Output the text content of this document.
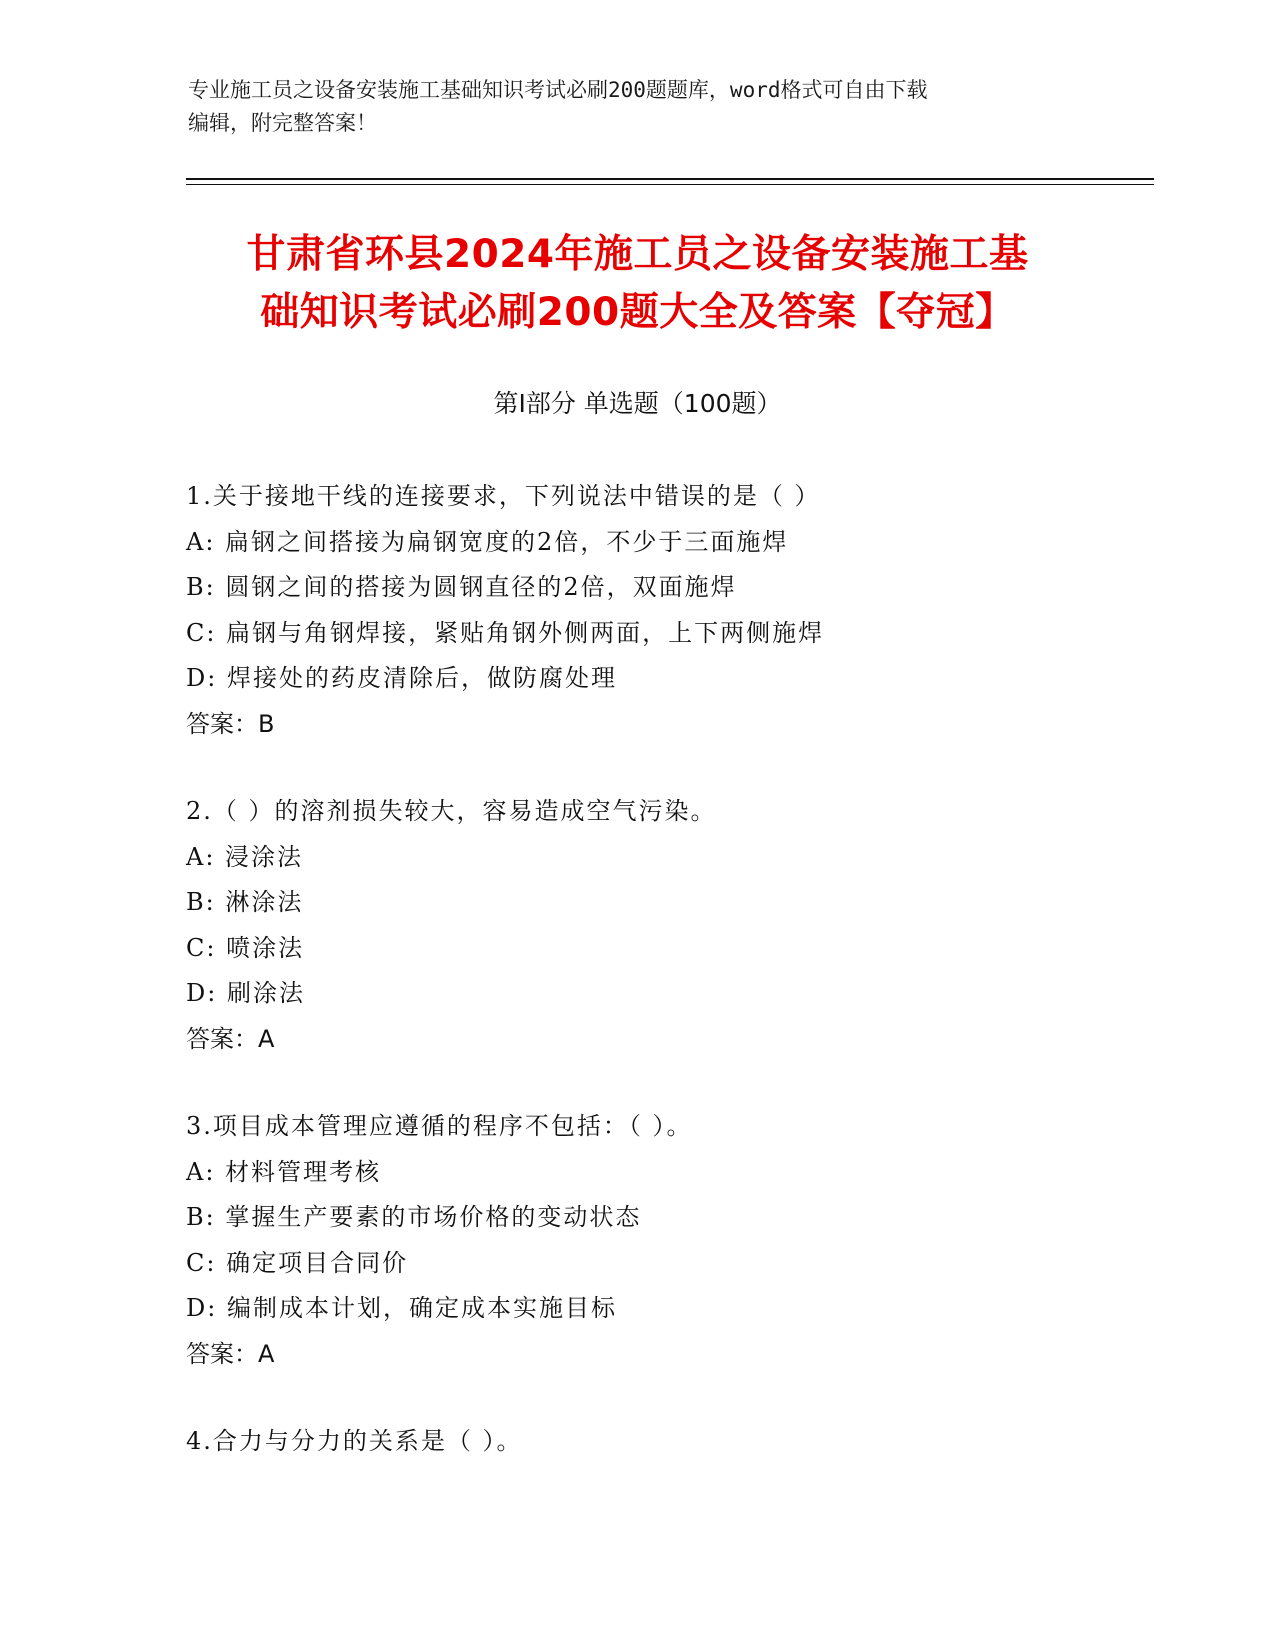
专业施工员之设备安装施工基础知识考试必刷200题题库，word格式可自由下载
编辑，附完整答案！
甘肃省环县2024年施工员之设备安装施工基
础知识考试必刷200题大全及答案【夺冠】
第Ⅰ部分 单选题（100题）
1.关于接地干线的连接要求，下列说法中错误的是（ ）
A: 扁钢之间搭接为扁钢宽度的2倍，不少于三面施焊
B: 圆钢之间的搭接为圆钢直径的2倍，双面施焊
C: 扁钢与角钢焊接，紧贴角钢外侧两面，上下两侧施焊
D: 焊接处的药皮清除后，做防腐处理
答案：B
2.（ ）的溶剂损失较大，容易造成空气污染。
A: 浸涂法
B: 淋涂法
C: 喷涂法
D: 刷涂法
答案：A
3.项目成本管理应遵循的程序不包括：（ ）。
A: 材料管理考核
B: 掌握生产要素的市场价格的变动状态
C: 确定项目合同价
D: 编制成本计划，确定成本实施目标
答案：A
4.合力与分力的关系是（ ）。
